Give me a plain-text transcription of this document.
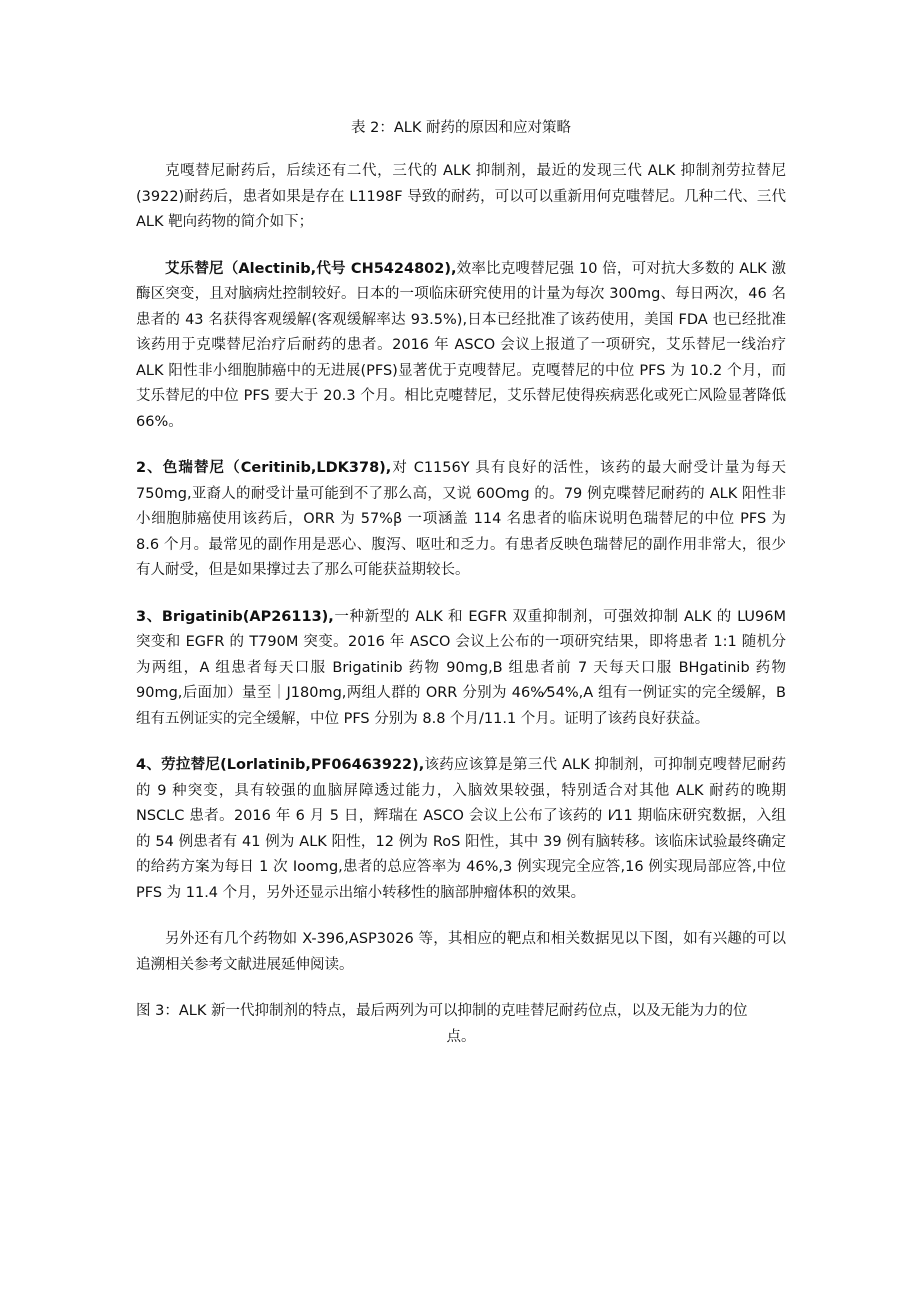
表 2：ALK 耐药的原因和应对策略

克嘎替尼耐药后，后续还有二代，三代的 ALK 抑制剂，最近的发现三代 ALK 抑制剂劳拉替尼(3922)耐药后，患者如果是存在 L1198F 导致的耐药，可以可以重新用何克嗤替尼。几种二代、三代 ALK 靶向药物的简介如下；

艾乐替尼（Alectinib,代号 CH5424802),效率比克嗖替尼强 10 倍，可对抗大多数的 ALK 激酶区突变，且对脑病灶控制较好。日本的一项临床研究使用的计量为每次 300mg、每日两次，46 名患者的 43 名获得客观缓解(客观缓解率达 93.5%),日本已经批准了该药使用，美国 FDA 也已经批准该药用于克喋替尼治疗后耐药的患者。2016 年 ASCO 会议上报道了一项研究，艾乐替尼一线治疗 ALK 阳性非小细胞肺癌中的无进展(PFS)显著优于克嗖替尼。克嘎替尼的中位 PFS 为 10.2 个月，而艾乐替尼的中位 PFS 要大于 20.3 个月。相比克嚏替尼，艾乐替尼使得疾病恶化或死亡风险显著降低 66%。

2、色瑞替尼（Ceritinib,LDK378),对 C1156Y 具有良好的活性，该药的最大耐受计量为每天 750mg,亚裔人的耐受计量可能到不了那么高，又说 60Omg 的。79 例克喋替尼耐药的 ALK 阳性非小细胞肺癌使用该药后，ORR 为 57%β 一项涵盖 114 名患者的临床说明色瑞替尼的中位 PFS 为 8.6 个月。最常见的副作用是恶心、腹泻、呕吐和乏力。有患者反映色瑞替尼的副作用非常大，很少有人耐受，但是如果撑过去了那么可能获益期较长。

3、Brigatinib(AP26113),一种新型的 ALK 和 EGFR 双重抑制剂，可强效抑制 ALK 的 LU96M 突变和 EGFR 的 T790M 突变。2016 年 ASCO 会议上公布的一项研究结果，即将患者 1:1 随机分为两组，A 组患者每天口服 Brigatinib 药物 90mg,B 组患者前 7 天每天口服 BHgatinib 药物 90mg,后面加）量至｜J180mg,两组人群的 ORR 分别为 46%⁄54%,A 组有一例证实的完全缓解，B 组有五例证实的完全缓解，中位 PFS 分别为 8.8 个月/11.1 个月。证明了该药良好获益。

4、劳拉替尼(Lorlatinib,PF06463922),该药应该算是第三代 ALK 抑制剂，可抑制克嗖替尼耐药的 9 种突变，具有较强的血脑屏障透过能力，入脑效果较强，特别适合对其他 ALK 耐药的晚期 NSCLC 患者。2016 年 6 月 5 日，辉瑞在 ASCO 会议上公布了该药的 I⁄11 期临床研究数据，入组的 54 例患者有 41 例为 ALK 阳性，12 例为 RoS 阳性，其中 39 例有脑转移。该临床试验最终确定的给药方案为每日 1 次 Ioomg,患者的总应答率为 46%,3 例实现完全应答,16 例实现局部应答,中位 PFS 为 11.4 个月，另外还显示出缩小转移性的脑部肿瘤体积的效果。

另外还有几个药物如 X-396,ASP3026 等，其相应的靶点和相关数据见以下图，如有兴趣的可以追溯相关参考文献进展延伸阅读。

图 3：ALK 新一代抑制剂的特点，最后两列为可以抑制的克哇替尼耐药位点，以及无能为力的位
点。
